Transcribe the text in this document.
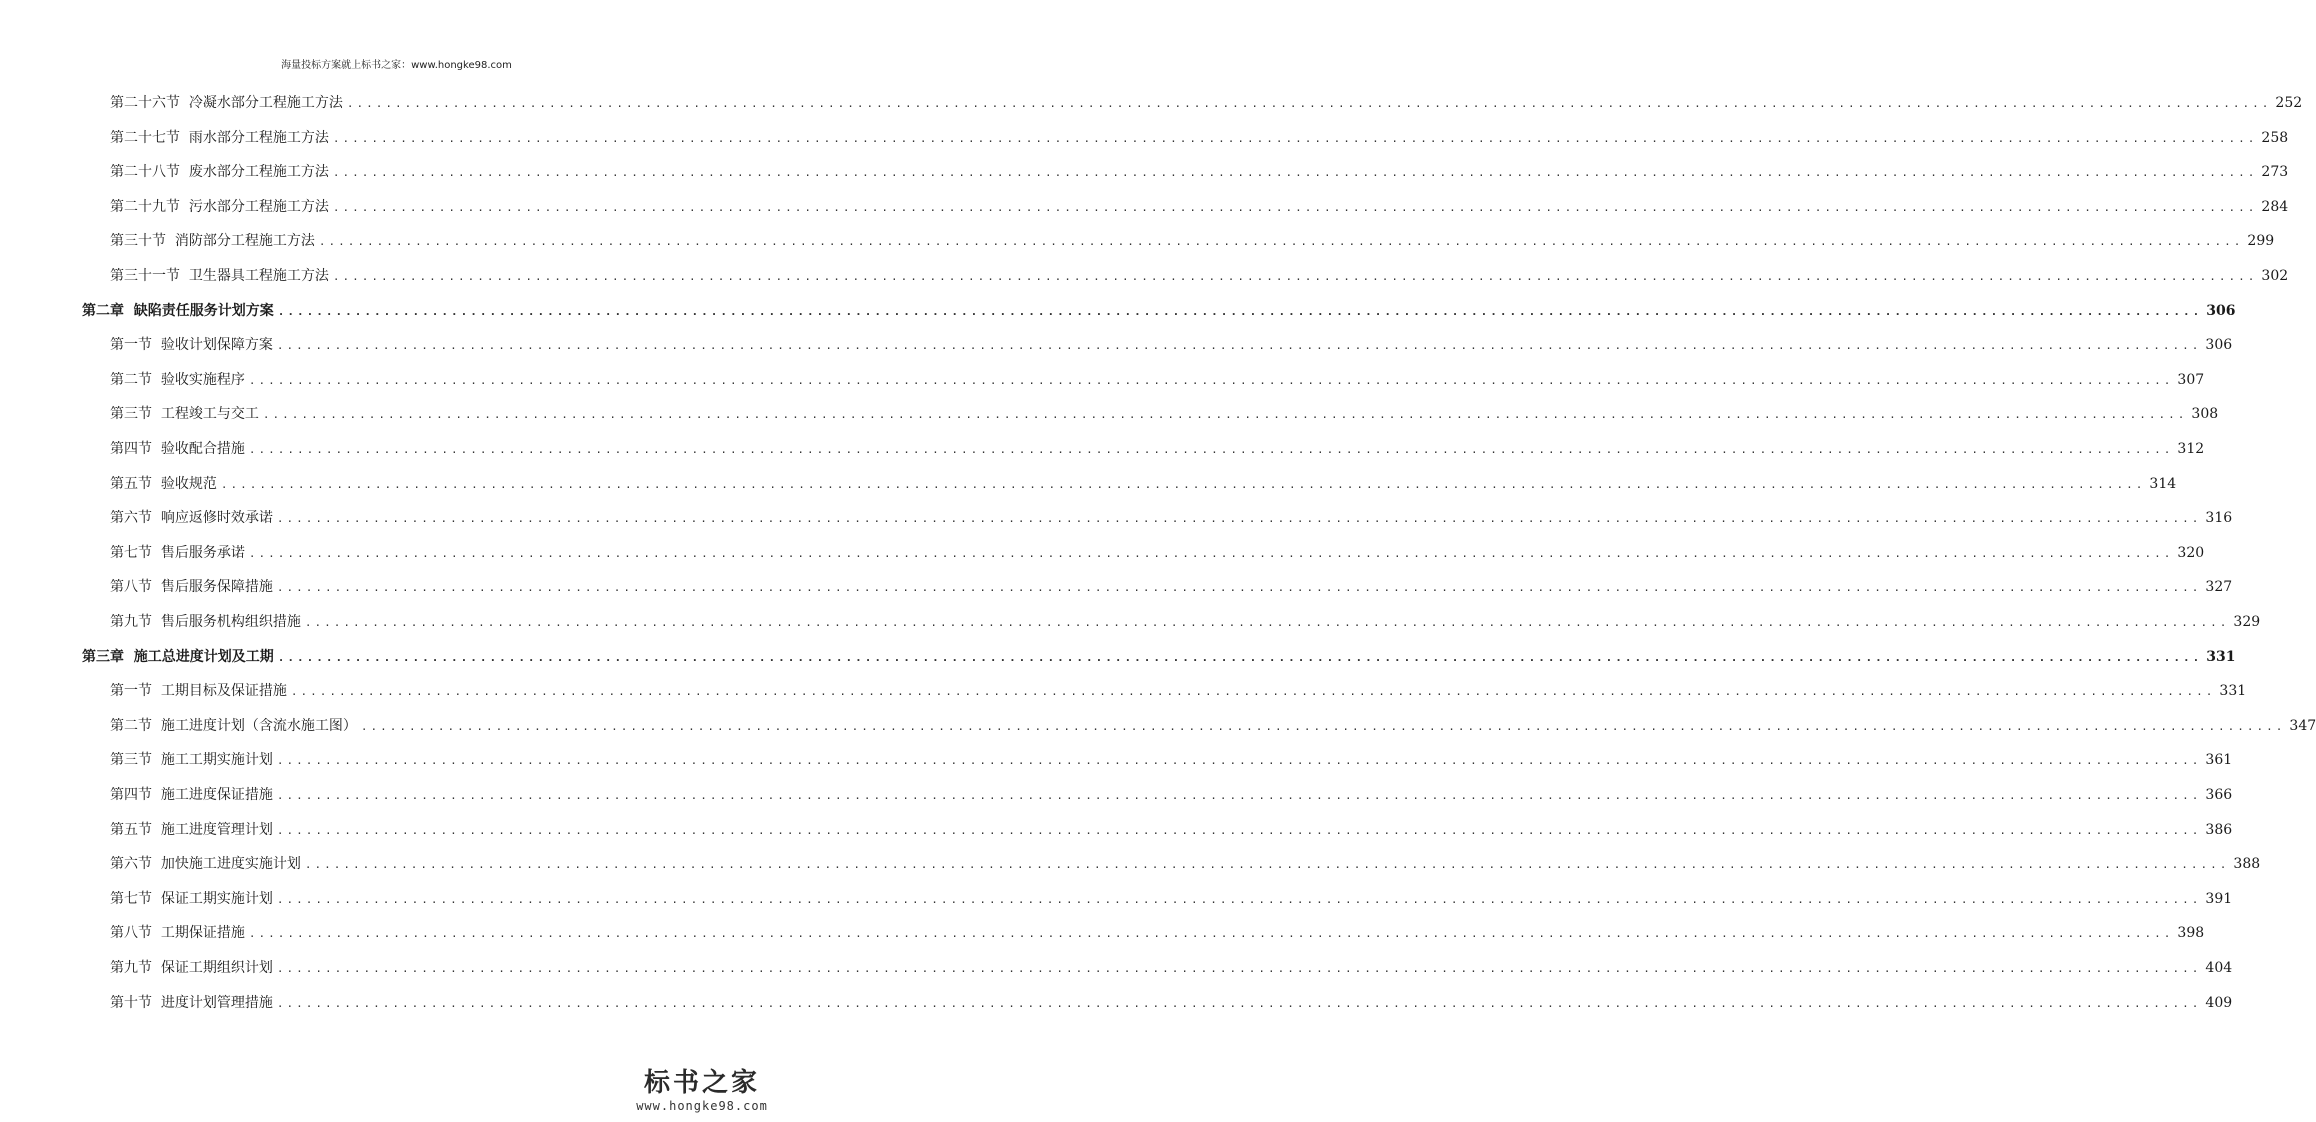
海量投标方案就上标书之家：www.hongke98.com
第二十六节  冷凝水部分工程施工方法 ........................................................................................................................................................................................................ 252
第二十七节  雨水部分工程施工方法 ........................................................................................................................................................................................................ 258
第二十八节  废水部分工程施工方法 ........................................................................................................................................................................................................ 273
第二十九节  污水部分工程施工方法 ........................................................................................................................................................................................................ 284
第三十节  消防部分工程施工方法 ........................................................................................................................................................................................................ 299
第三十一节  卫生器具工程施工方法 ........................................................................................................................................................................................................ 302
第二章  缺陷责任服务计划方案 ........................................................................................................................................................................................................ 306
第一节  验收计划保障方案 ........................................................................................................................................................................................................ 306
第二节  验收实施程序 ........................................................................................................................................................................................................ 307
第三节  工程竣工与交工 ........................................................................................................................................................................................................ 308
第四节  验收配合措施 ........................................................................................................................................................................................................ 312
第五节  验收规范 ........................................................................................................................................................................................................ 314
第六节  响应返修时效承诺 ........................................................................................................................................................................................................ 316
第七节  售后服务承诺 ........................................................................................................................................................................................................ 320
第八节  售后服务保障措施 ........................................................................................................................................................................................................ 327
第九节  售后服务机构组织措施 ........................................................................................................................................................................................................ 329
第三章  施工总进度计划及工期 ........................................................................................................................................................................................................ 331
第一节  工期目标及保证措施 ........................................................................................................................................................................................................ 331
第二节  施工进度计划（含流水施工图） ........................................................................................................................................................................................................ 347
第三节  施工工期实施计划 ........................................................................................................................................................................................................ 361
第四节  施工进度保证措施 ........................................................................................................................................................................................................ 366
第五节  施工进度管理计划 ........................................................................................................................................................................................................ 386
第六节  加快施工进度实施计划 ........................................................................................................................................................................................................ 388
第七节  保证工期实施计划 ........................................................................................................................................................................................................ 391
第八节  工期保证措施 ........................................................................................................................................................................................................ 398
第九节  保证工期组织计划 ........................................................................................................................................................................................................ 404
第十节  进度计划管理措施 ........................................................................................................................................................................................................ 409
标书之家
www.hongke98.com
